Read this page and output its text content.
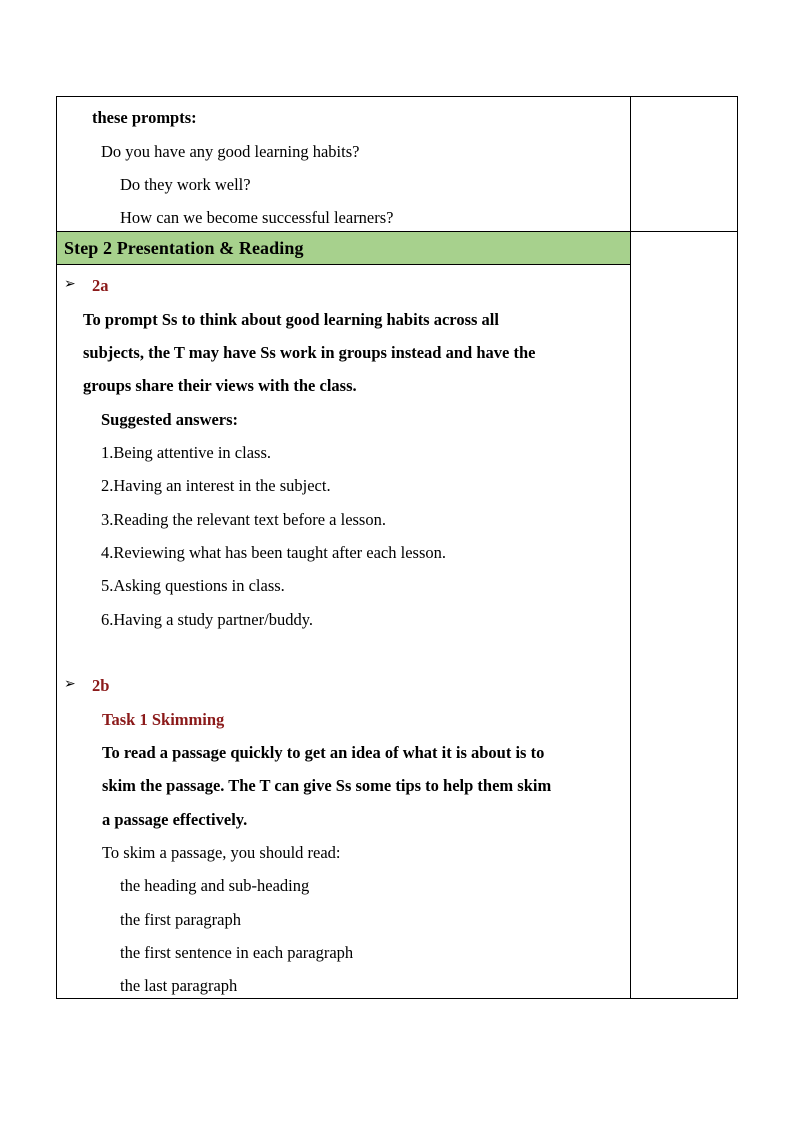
these prompts:
Do you have any good learning habits?
Do they work well?
How can we become successful learners?
Step 2 Presentation & Reading
➢ 2a
To prompt Ss to think about good learning habits across all
subjects, the T may have Ss work in groups instead and have the
groups share their views with the class.
Suggested answers:
1.Being attentive in class.
2.Having an interest in the subject.
3.Reading the relevant text before a lesson.
4.Reviewing what has been taught after each lesson.
5.Asking questions in class.
6.Having a study partner/buddy.
➢ 2b
Task 1 Skimming
To read a passage quickly to get an idea of what it is about is to
skim the passage. The T can give Ss some tips to help them skim
a passage effectively.
To skim a passage, you should read:
the heading and sub-heading
the first paragraph
the first sentence in each paragraph
the last paragraph
